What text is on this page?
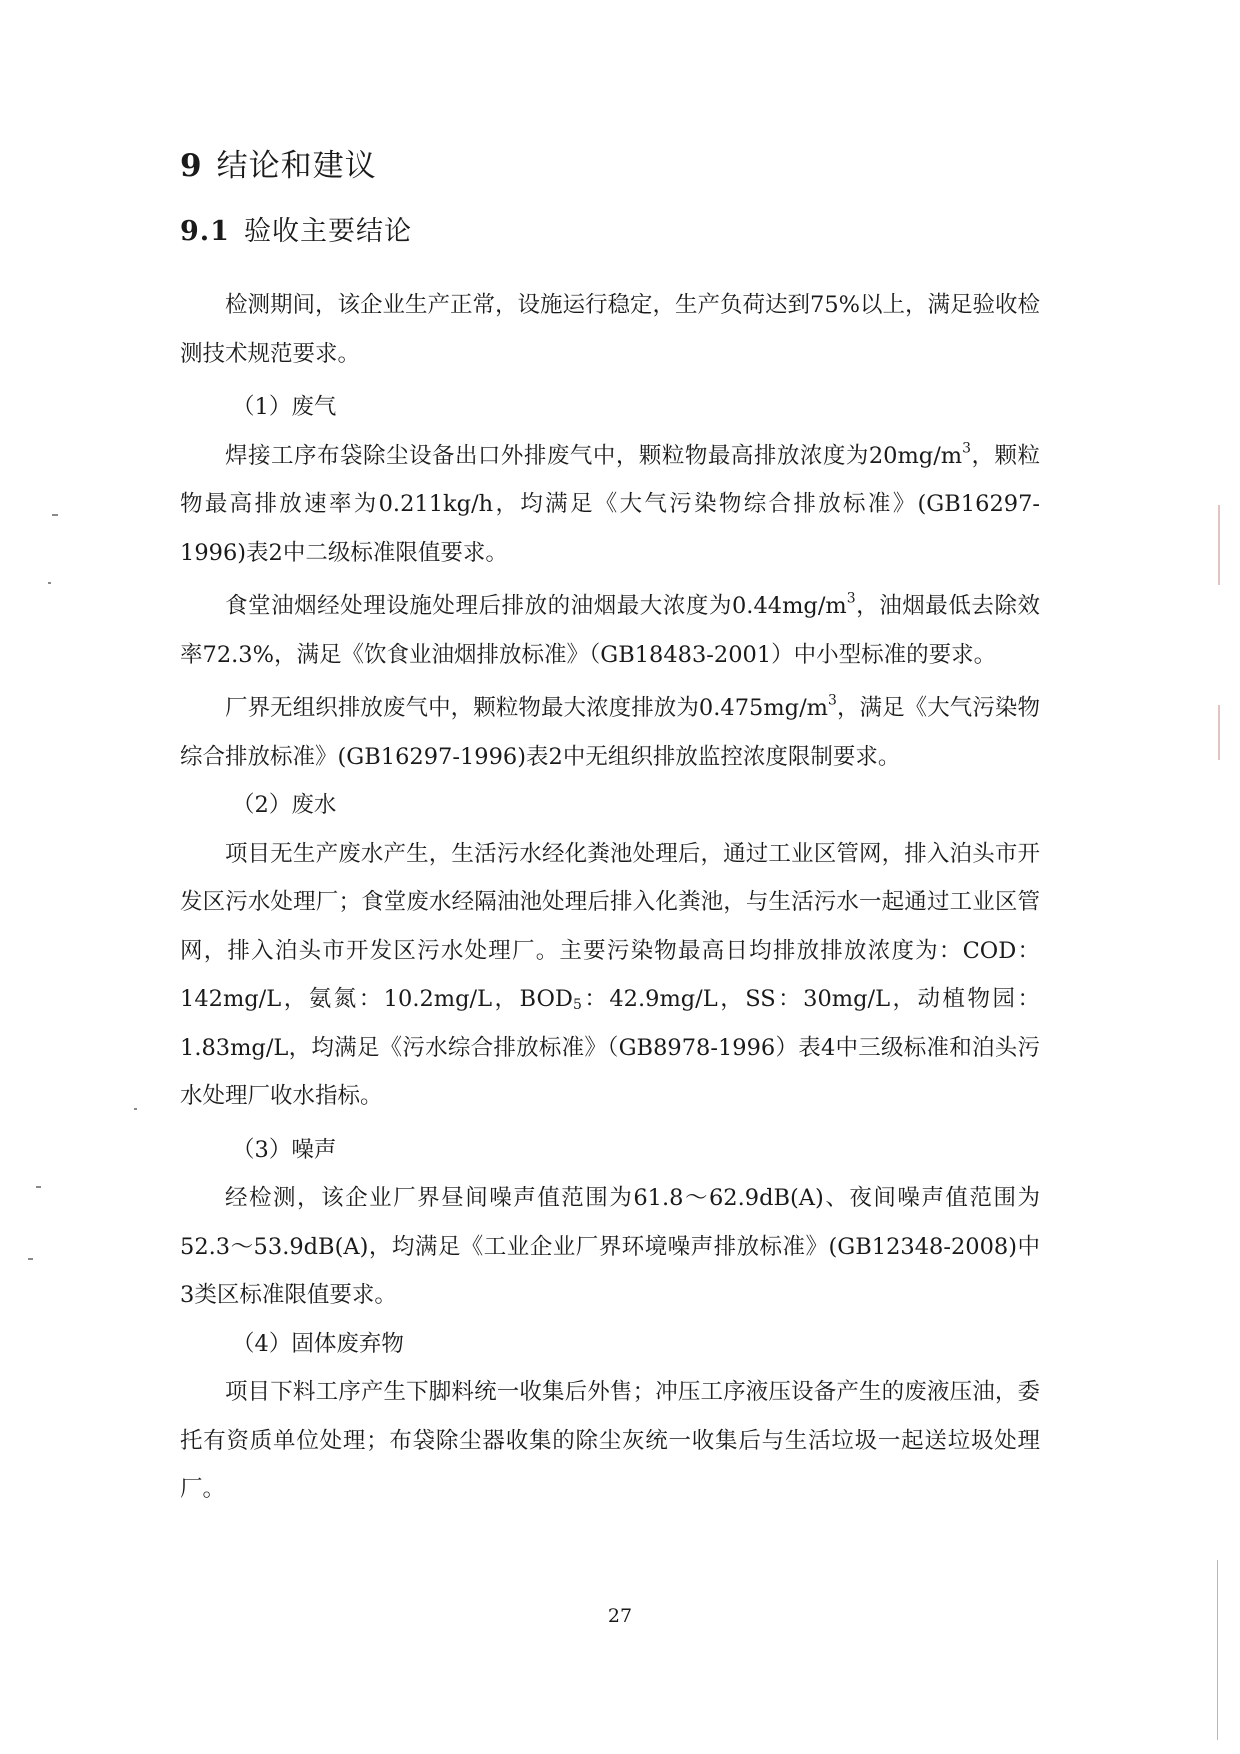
9 结论和建议
9.1 验收主要结论

检测期间，该企业生产正常，设施运行稳定，生产负荷达到75%以上，满足验收检测技术规范要求。

（1）废气

焊接工序布袋除尘设备出口外排废气中，颗粒物最高排放浓度为$20mg/m^3$，颗粒物最高排放速率为0.211kg/h，均满足《大气污染物综合排放标准》(GB16297-1996)表2中二级标准限值要求。

食堂油烟经处理设施处理后排放的油烟最大浓度为$0.44mg/m^3$，油烟最低去除效率72.3%，满足《饮食业油烟排放标准》（GB18483-2001）中小型标准的要求。

厂界无组织排放废气中，颗粒物最大浓度排放为$0.475mg/m^3$，满足《大气污染物综合排放标准》(GB16297-1996)表2中无组织排放监控浓度限制要求。

（2）废水

项目无生产废水产生，生活污水经化粪池处理后，通过工业区管网，排入泊头市开发区污水处理厂；食堂废水经隔油池处理后排入化粪池，与生活污水一起通过工业区管网，排入泊头市开发区污水处理厂。主要污染物最高日均排放排放浓度为：COD：142mg/L，氨氮：10.2mg/L，$BOD_5$：42.9mg/L，SS：30mg/L，动植物园：1.83mg/L，均满足《污水综合排放标准》（GB8978-1996）表4中三级标准和泊头污水处理厂收水指标。

（3）噪声

经检测，该企业厂界昼间噪声值范围为61.8～62.9dB(A)、夜间噪声值范围为52.3～53.9dB(A)，均满足《工业企业厂界环境噪声排放标准》(GB12348-2008)中3类区标准限值要求。

（4）固体废弃物

项目下料工序产生下脚料统一收集后外售；冲压工序液压设备产生的废液压油，委托有资质单位处理；布袋除尘器收集的除尘灰统一收集后与生活垃圾一起送垃圾处理厂。

27
